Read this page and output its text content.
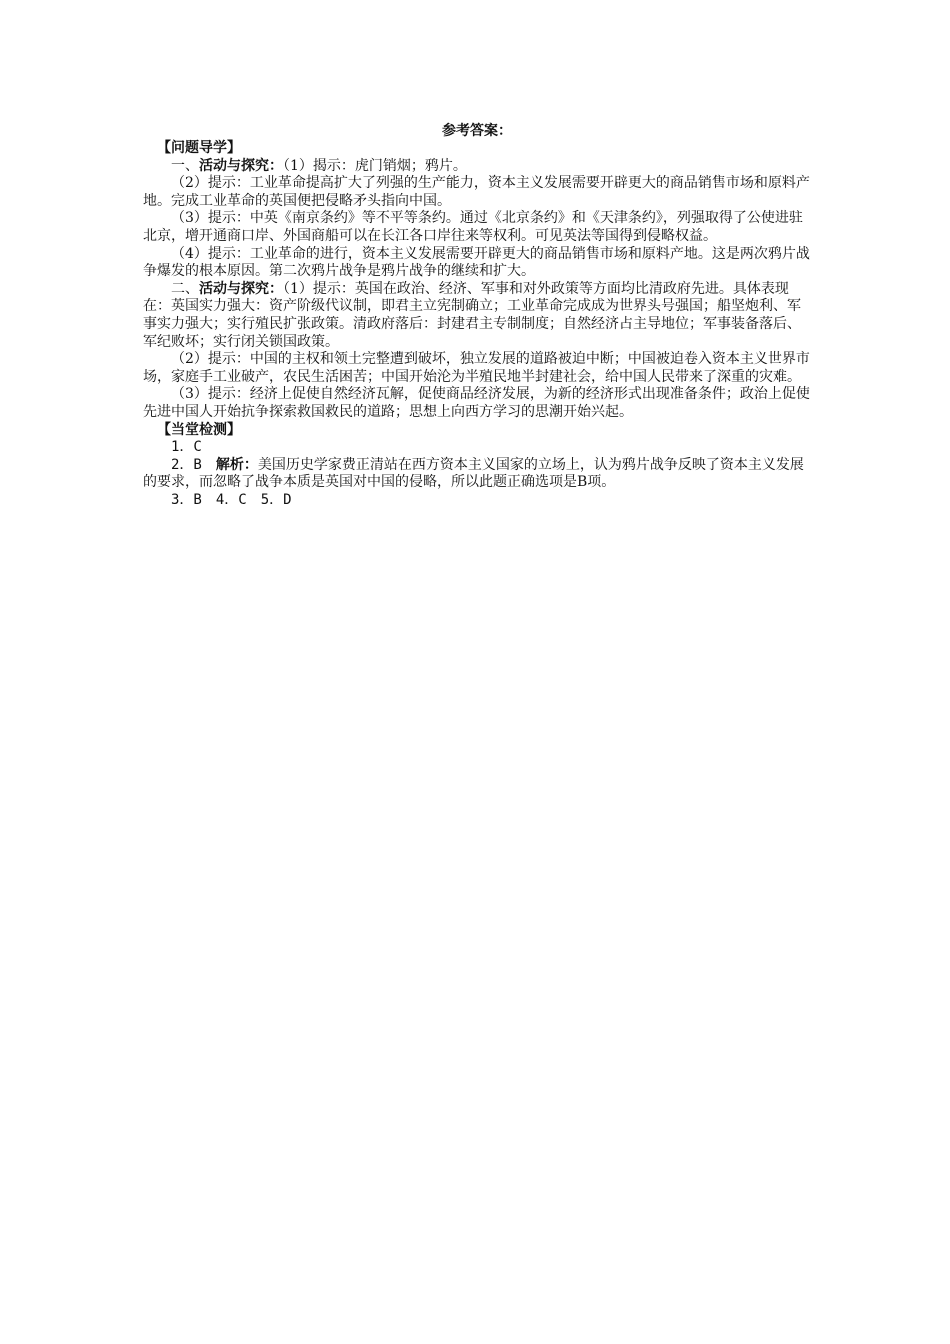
参考答案：

【问题导学】

一、活动与探究：（1）揭示：虎门销烟；鸦片。

（2）提示：工业革命提高扩大了列强的生产能力，资本主义发展需要开辟更大的商品销售市场和原料产地。完成工业革命的英国便把侵略矛头指向中国。

（3）提示：中英《南京条约》等不平等条约。通过《北京条约》和《天津条约》，列强取得了公使进驻北京，增开通商口岸、外国商船可以在长江各口岸往来等权利。可见英法等国得到侵略权益。

（4）提示：工业革命的进行，资本主义发展需要开辟更大的商品销售市场和原料产地。这是两次鸦片战争爆发的根本原因。第二次鸦片战争是鸦片战争的继续和扩大。

二、活动与探究：（1）提示：英国在政治、经济、军事和对外政策等方面均比清政府先进。具体表现在：英国实力强大：资产阶级代议制，即君主立宪制确立；工业革命完成成为世界头号强国；船坚炮利、军事实力强大；实行殖民扩张政策。清政府落后：封建君主专制制度；自然经济占主导地位；军事装备落后、军纪败坏；实行闭关锁国政策。

（2）提示：中国的主权和领土完整遭到破坏，独立发展的道路被迫中断；中国被迫卷入资本主义世界市场，家庭手工业破产，农民生活困苦；中国开始沦为半殖民地半封建社会，给中国人民带来了深重的灾难。

（3）提示：经济上促使自然经济瓦解，促使商品经济发展，为新的经济形式出现准备条件；政治上促使先进中国人开始抗争探索救国救民的道路；思想上向西方学习的思潮开始兴起。

【当堂检测】

1．C

2．B　解析：美国历史学家费正清站在西方资本主义国家的立场上，认为鸦片战争反映了资本主义发展的要求，而忽略了战争本质是英国对中国的侵略，所以此题正确选项是B项。

3．B　4．C　5．D
